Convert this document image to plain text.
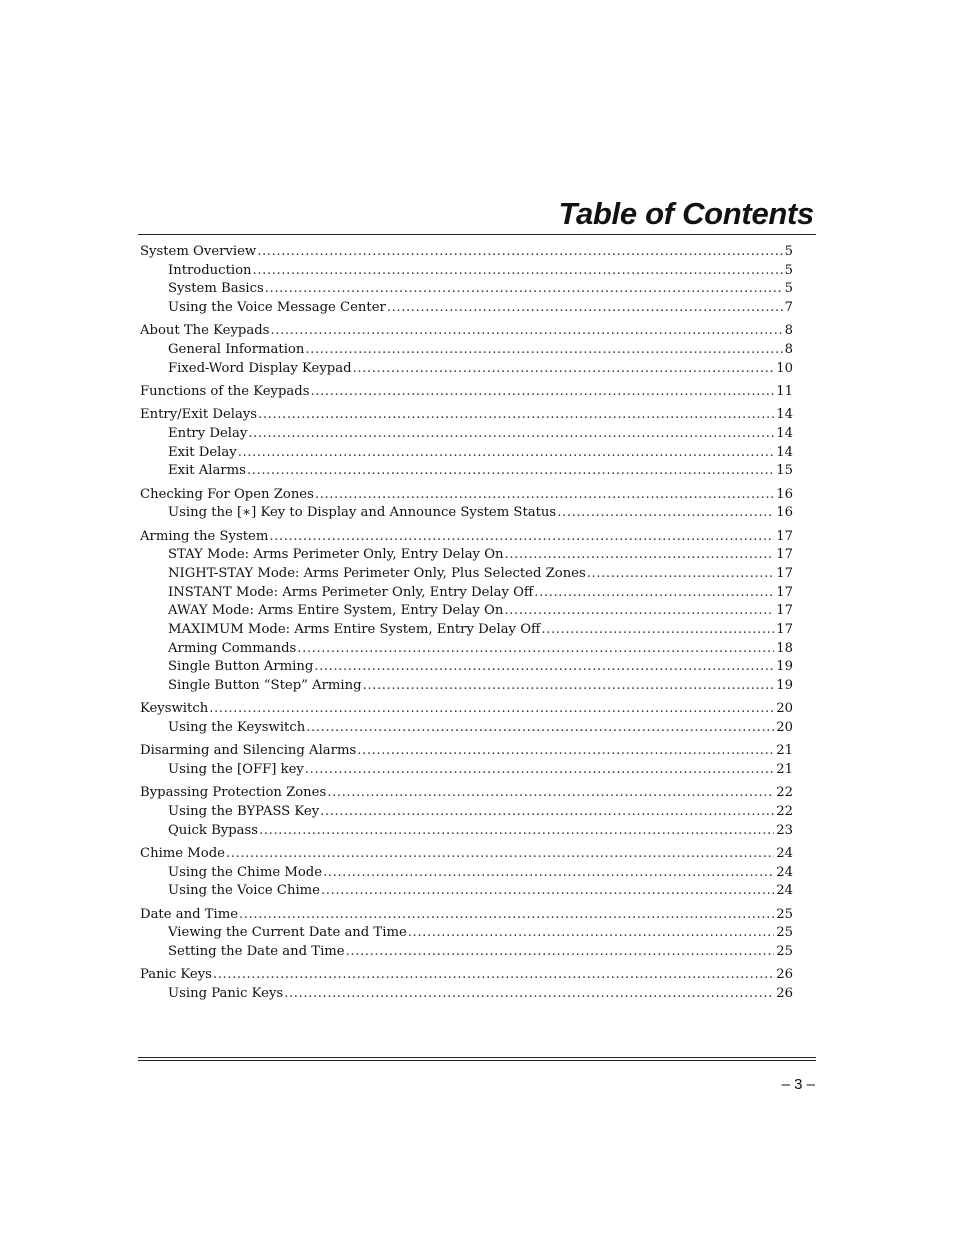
Table of Contents
System Overview .....	5
Introduction .....	5
System Basics .....	5
Using the Voice Message Center .....	7
About The Keypads .....	8
General Information .....	8
Fixed-Word Display Keypad .....	10
Functions of the Keypads .....	11
Entry/Exit Delays .....	14
Entry Delay .....	14
Exit Delay .....	14
Exit Alarms .....	15
Checking For Open Zones .....	16
Using the [∗] Key to Display and Announce System Status .....	16
Arming the System .....	17
STAY Mode: Arms Perimeter Only, Entry Delay On .....	17
NIGHT-STAY Mode: Arms Perimeter Only, Plus Selected Zones .....	17
INSTANT Mode: Arms Perimeter Only, Entry Delay Off .....	17
AWAY Mode: Arms Entire System, Entry Delay On .....	17
MAXIMUM Mode: Arms Entire System, Entry Delay Off .....	17
Arming Commands .....	18
Single Button Arming .....	19
Single Button “Step” Arming .....	19
Keyswitch .....	20
Using the Keyswitch .....	20
Disarming and Silencing Alarms .....	21
Using the [OFF] key .....	21
Bypassing Protection Zones .....	22
Using the BYPASS Key .....	22
Quick Bypass .....	23
Chime Mode .....	24
Using the Chime Mode .....	24
Using the Voice Chime .....	24
Date and Time .....	25
Viewing the Current Date and Time .....	25
Setting the Date and Time .....	25
Panic Keys .....	26
Using Panic Keys .....	26
– 3 –
